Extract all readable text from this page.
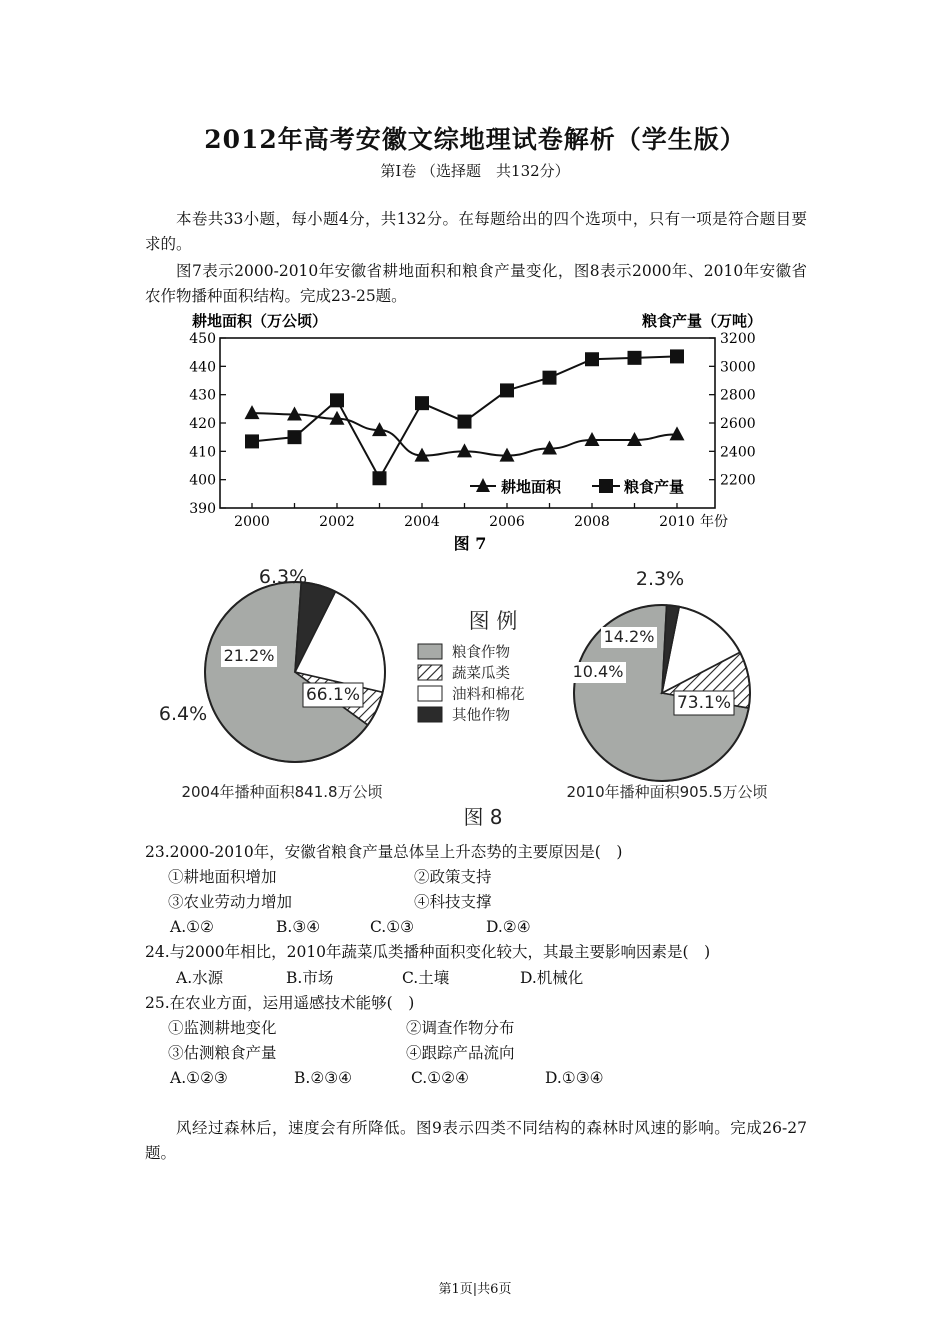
2012年高考安徽文综地理试卷解析（学生版）
第Ⅰ卷 （选择题　共132分）
本卷共33小题，每小题4分，共132分。在每题给出的四个选项中，只有一项是符合题目要求的。
图7表示2000-2010年安徽省耕地面积和粮食产量变化，图8表示2000年、2010年安徽省农作物播种面积结构。完成23-25题。
耕地面积（万公顷）	粮食产量（万吨）
450
440
430
420
410
400
390
3200
3000
2800
2600
2400
2200
2000	2002	2004	2006	2008	2010 年份
耕地面积	粮食产量
图 7
66.1%
6.4%
21.2%
6.3%
73.1%
10.4%
14.2%
2.3%
图 例
粮食作物
蔬菜瓜类
油料和棉花
其他作物
2004年播种面积841.8万公顷	2010年播种面积905.5万公顷
图 8
23.2000-2010年，安徽省粮食产量总体呈上升态势的主要原因是(　)
①耕地面积增加	②政策支持
③农业劳动力增加	④科技支撑
A.①②	B.③④	C.①③	D.②④
24.与2000年相比，2010年蔬菜瓜类播种面积变化较大，其最主要影响因素是(　)
A.水源	B.市场	C.土壤	D.机械化
25.在农业方面，运用遥感技术能够(　)
①监测耕地变化	②调查作物分布
③估测粮食产量	④跟踪产品流向
A.①②③	B.②③④	C.①②④	D.①③④
风经过森林后，速度会有所降低。图9表示四类不同结构的森林时风速的影响。完成26-27题。
第1页|共6页
